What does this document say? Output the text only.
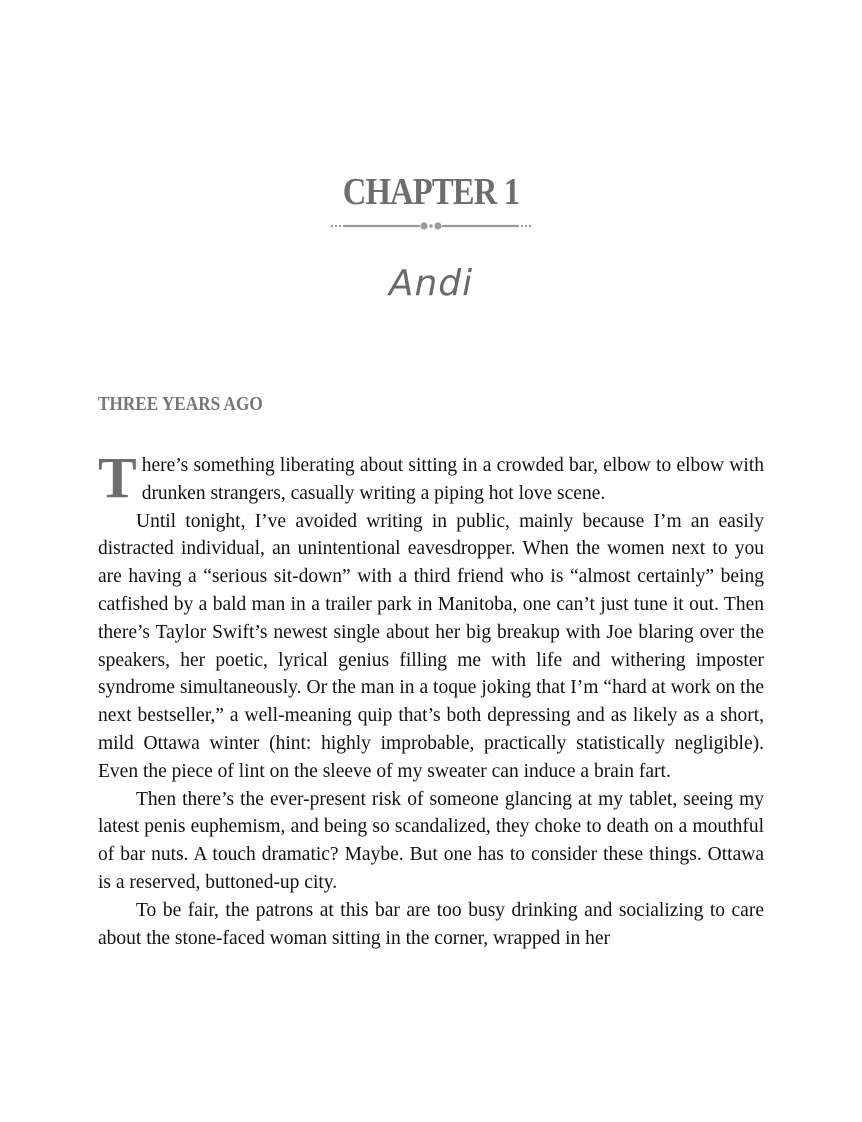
CHAPTER 1
Andi
THREE YEARS AGO

There’s something liberating about sitting in a crowded bar, elbow to elbow with drunken strangers, casually writing a piping hot love scene.

Until tonight, I’ve avoided writing in public, mainly because I’m an easily distracted individual, an unintentional eavesdropper. When the women next to you are having a “serious sit-down” with a third friend who is “almost certainly” being catfished by a bald man in a trailer park in Manitoba, one can’t just tune it out. Then there’s Taylor Swift’s newest single about her big breakup with Joe blaring over the speakers, her poetic, lyrical genius filling me with life and withering imposter syndrome simultaneously. Or the man in a toque joking that I’m “hard at work on the next bestseller,” a well-meaning quip that’s both depressing and as likely as a short, mild Ottawa winter (hint: highly improbable, practically statistically negligible). Even the piece of lint on the sleeve of my sweater can induce a brain fart.

Then there’s the ever-present risk of someone glancing at my tablet, seeing my latest penis euphemism, and being so scandalized, they choke to death on a mouthful of bar nuts. A touch dramatic? Maybe. But one has to consider these things. Ottawa is a reserved, buttoned-up city.

To be fair, the patrons at this bar are too busy drinking and socializing to care about the stone-faced woman sitting in the corner, wrapped in her
